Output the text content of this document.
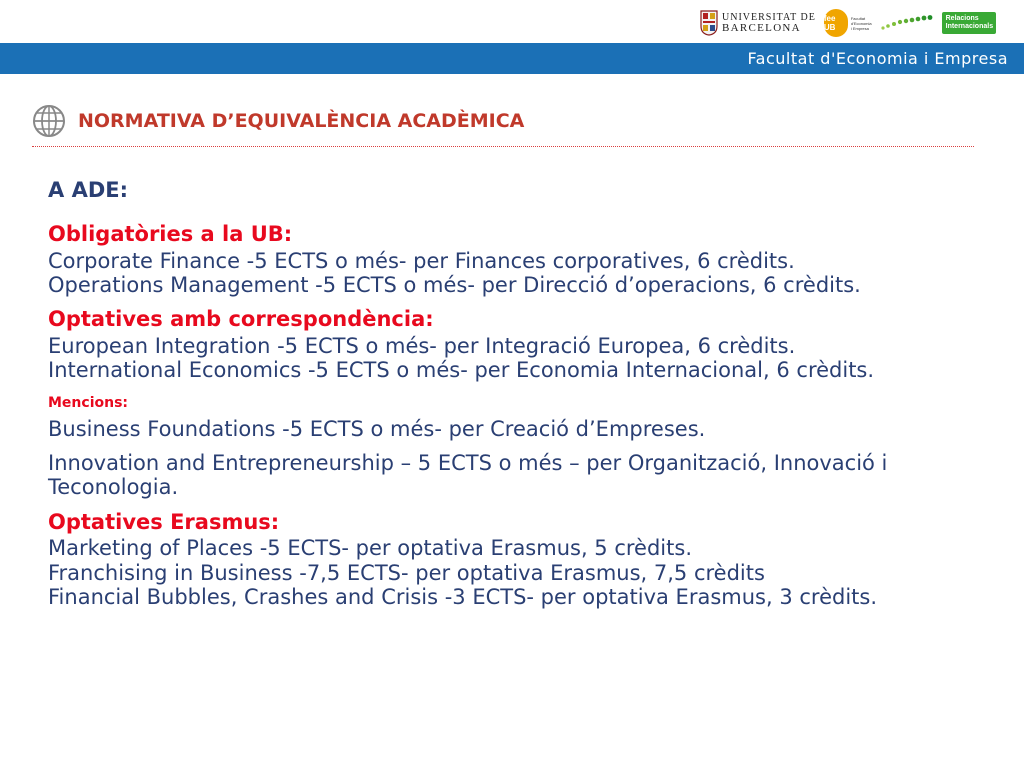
UNIVERSITAT DE
BARCELONA
fee UB
Facultat
d'Economia
i Empresa
Relacions
Internacionals
Facultat d'Economia i Empresa
NORMATIVA D’EQUIVALÈNCIA ACADÈMICA

A ADE:

Obligatòries a la UB:

Corporate Finance -5 ECTS o més- per Finances corporatives, 6 crèdits.

Operations Management -5 ECTS o més- per Direcció d’operacions, 6 crèdits.

Optatives amb correspondència:

European Integration -5 ECTS o més- per Integració Europea, 6 crèdits.

International Economics -5 ECTS o més- per Economia Internacional, 6 crèdits.

Mencions:

Business Foundations -5 ECTS o més- per Creació d’Empreses.

Innovation and Entrepreneurship – 5 ECTS o més – per Organització, Innovació i Teconologia.

Optatives Erasmus:

Marketing of Places -5 ECTS- per optativa Erasmus, 5 crèdits.

Franchising in Business -7,5 ECTS- per optativa Erasmus, 7,5 crèdits

Financial Bubbles, Crashes and Crisis -3 ECTS- per optativa Erasmus, 3 crèdits.
